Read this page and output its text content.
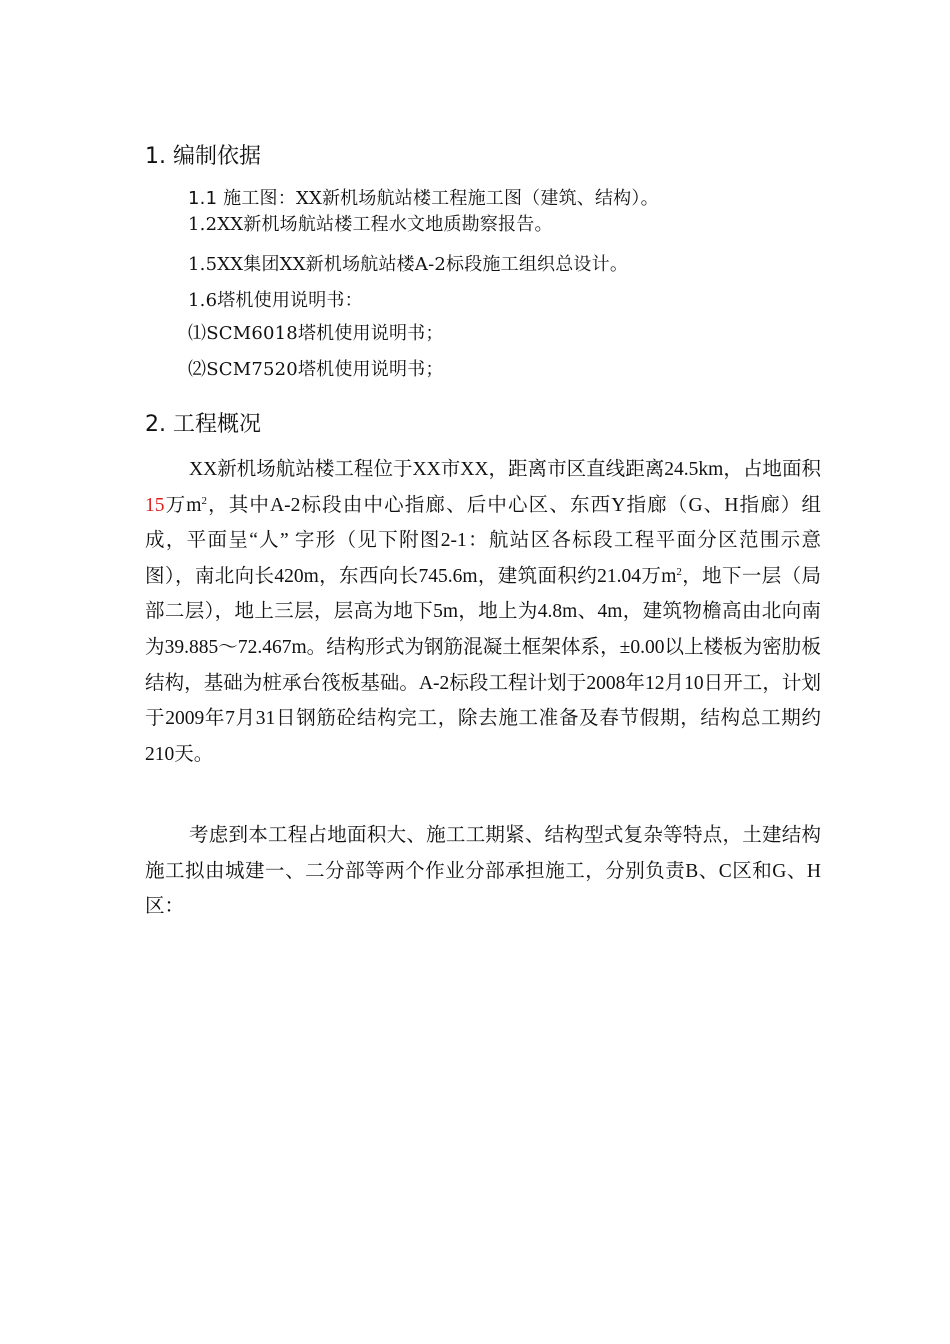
1. 编制依据
1.1 施工图：XX新机场航站楼工程施工图（建筑、结构）。
1.2XX新机场航站楼工程水文地质勘察报告。
1.5XX集团XX新机场航站楼A-2标段施工组织总设计。
1.6塔机使用说明书：
⑴SCM6018塔机使用说明书；
⑵SCM7520塔机使用说明书；
2. 工程概况
XX新机场航站楼工程位于XX市XX，距离市区直线距离24.5km，占地面积15万$m^2$，其中A-2标段由中心指廊、后中心区、东西Y指廊（G、H指廊）组成，平面呈“人” 字形（见下附图2-1：航站区各标段工程平面分区范围示意图），南北向长420m，东西向长745.6m，建筑面积约21.04万$m^2$，地下一层（局部二层），地上三层，层高为地下5m，地上为4.8m、4m，建筑物檐高由北向南为39.885～72.467m。结构形式为钢筋混凝土框架体系，±0.00以上楼板为密肋板结构，基础为桩承台筏板基础。A-2标段工程计划于2008年12月10日开工，计划于2009年7月31日钢筋砼结构完工，除去施工准备及春节假期，结构总工期约210天。
考虑到本工程占地面积大、施工工期紧、结构型式复杂等特点，土建结构施工拟由城建一、二分部等两个作业分部承担施工，分别负责B、C区和G、H区：
